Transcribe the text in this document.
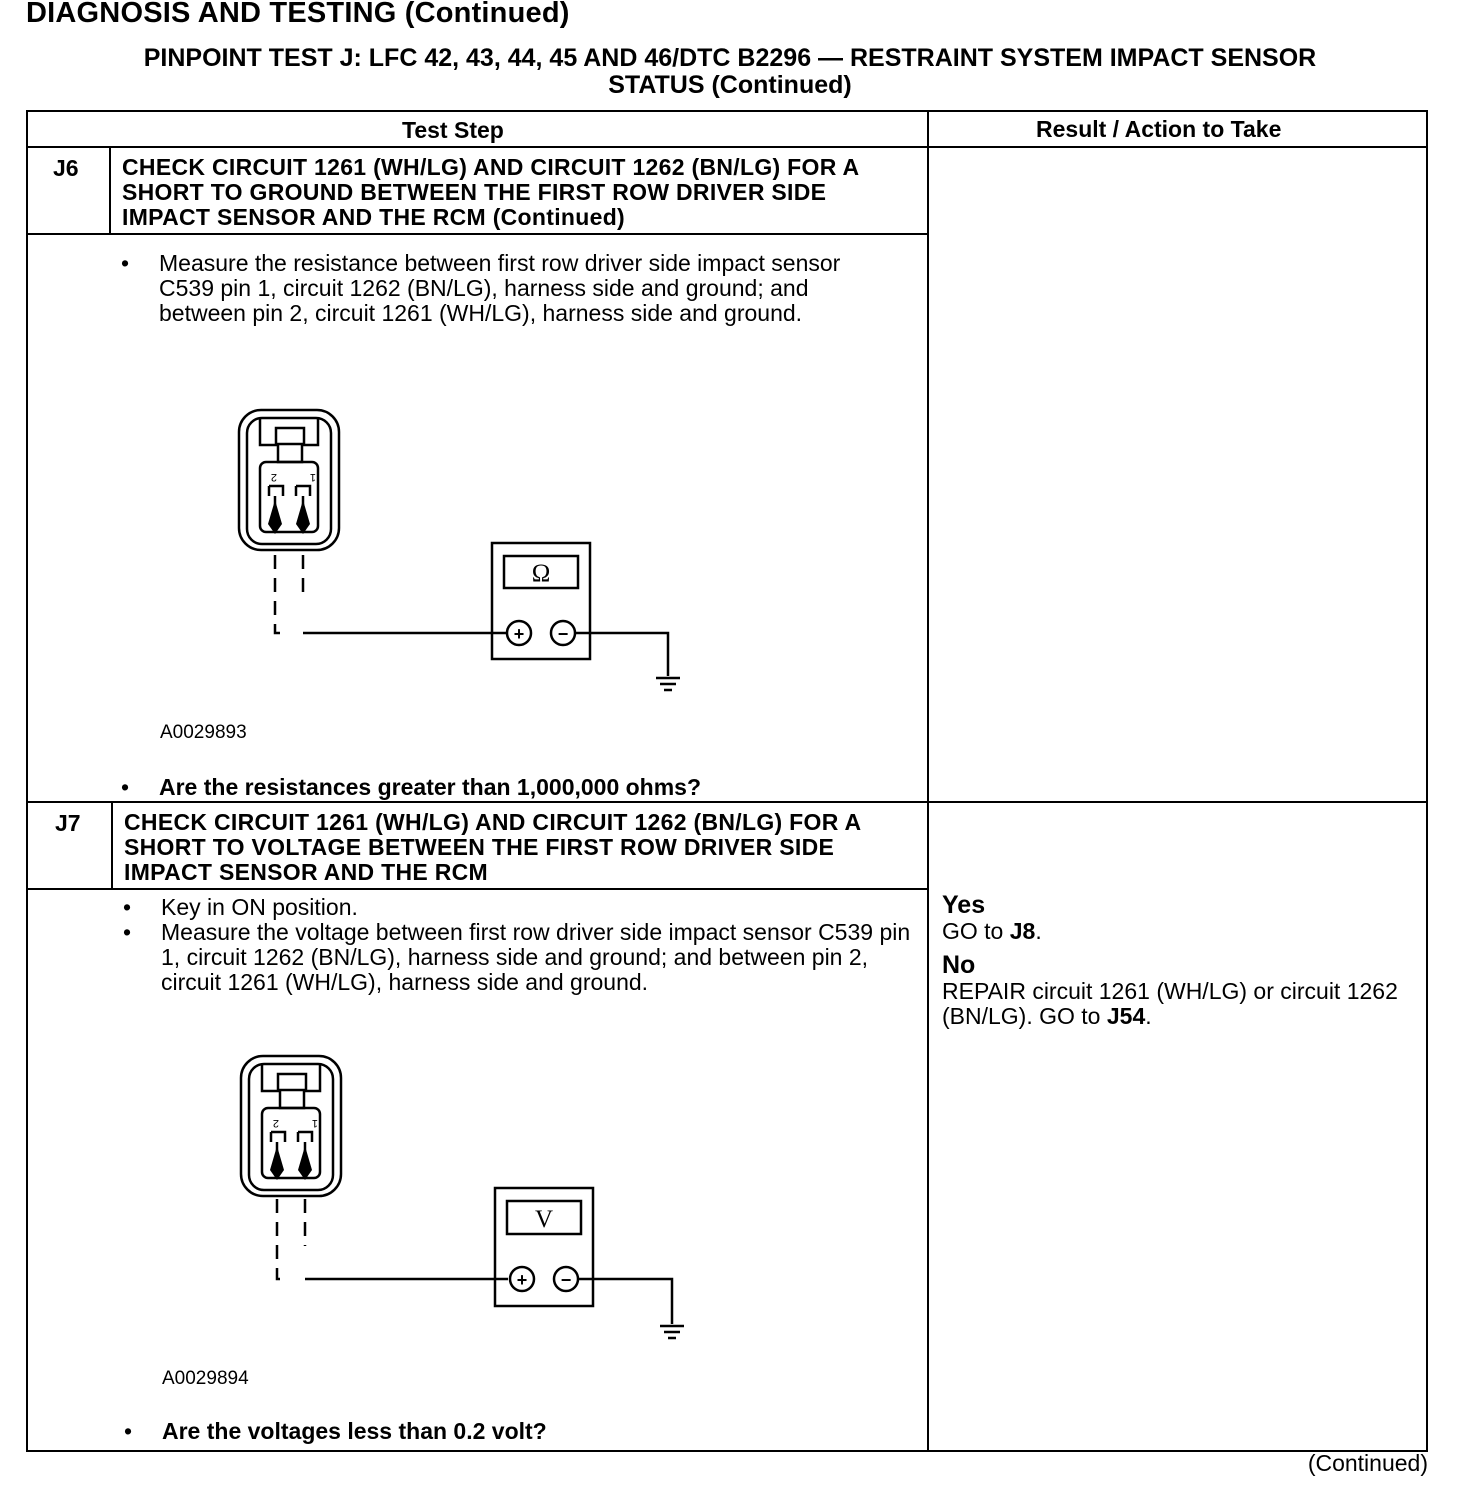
DIAGNOSIS AND TESTING (Continued)
PINPOINT TEST J: LFC 42, 43, 44, 45 AND 46/DTC B2296 — RESTRAINT SYSTEM IMPACT SENSOR
STATUS (Continued)
Test Step	Result / Action to Take
J6 CHECK CIRCUIT 1261 (WH/LG) AND CIRCUIT 1262 (BN/LG) FOR A SHORT TO GROUND BETWEEN THE FIRST ROW DRIVER SIDE IMPACT SENSOR AND THE RCM (Continued)
• Measure the resistance between first row driver side impact sensor C539 pin 1, circuit 1262 (BN/LG), harness side and ground; and between pin 2, circuit 1261 (WH/LG), harness side and ground.
2	1
Ω
+ −
A0029893
• Are the resistances greater than 1,000,000 ohms?
J7 CHECK CIRCUIT 1261 (WH/LG) AND CIRCUIT 1262 (BN/LG) FOR A SHORT TO VOLTAGE BETWEEN THE FIRST ROW DRIVER SIDE IMPACT SENSOR AND THE RCM
• Key in ON position.
• Measure the voltage between first row driver side impact sensor C539 pin 1, circuit 1262 (BN/LG), harness side and ground; and between pin 2, circuit 1261 (WH/LG), harness side and ground.
2	1
V
+ −
A0029894
• Are the voltages less than 0.2 volt?
Yes
GO to J8.
No
REPAIR circuit 1261 (WH/LG) or circuit 1262 (BN/LG). GO to J54.
(Continued)
